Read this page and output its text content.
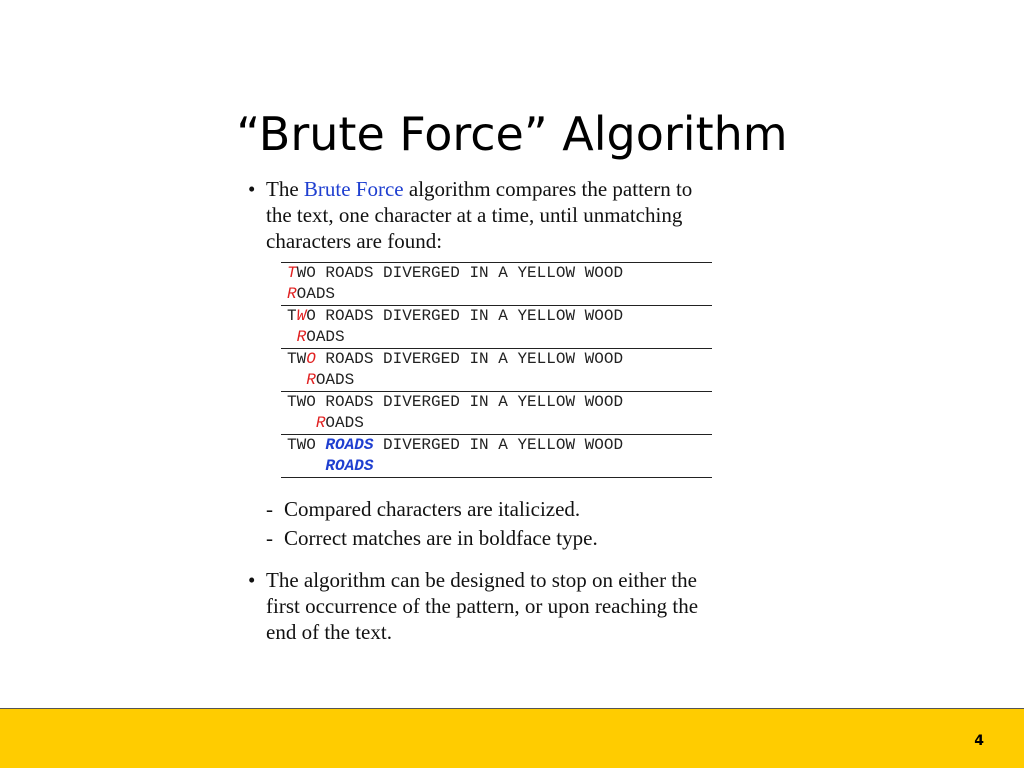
“Brute Force” Algorithm
• The Brute Force algorithm compares the pattern to
the text, one character at a time, until unmatching
characters are found:
TWO ROADS DIVERGED IN A YELLOW WOOD
ROADS
TWO ROADS DIVERGED IN A YELLOW WOOD
ROADS
TWO ROADS DIVERGED IN A YELLOW WOOD
ROADS
TWO ROADS DIVERGED IN A YELLOW WOOD
ROADS
TWO ROADS DIVERGED IN A YELLOW WOOD
ROADS
- Compared characters are italicized.
- Correct matches are in boldface type.
• The algorithm can be designed to stop on either the
first occurrence of the pattern, or upon reaching the
end of the text.
4
